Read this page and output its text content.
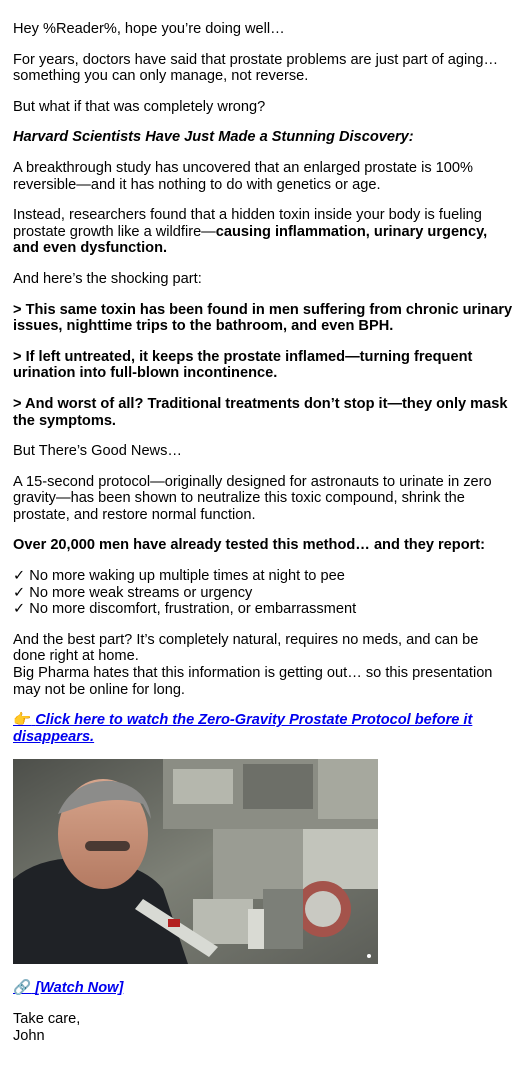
Hey %Reader%, hope you’re doing well…

For years, doctors have said that prostate problems are just part of aging… something you can only manage, not reverse.

But what if that was completely wrong?

Harvard Scientists Have Just Made a Stunning Discovery:

A breakthrough study has uncovered that an enlarged prostate is 100% reversible—and it has nothing to do with genetics or age.

Instead, researchers found that a hidden toxin inside your body is fueling prostate growth like a wildfire—causing inflammation, urinary urgency, and even dysfunction.

And here’s the shocking part:

> This same toxin has been found in men suffering from chronic urinary issues, nighttime trips to the bathroom, and even BPH.

> If left untreated, it keeps the prostate inflamed—turning frequent urination into full-blown incontinence.

> And worst of all? Traditional treatments don’t stop it—they only mask the symptoms.

But There’s Good News…

A 15-second protocol—originally designed for astronauts to urinate in zero gravity—has been shown to neutralize this toxic compound, shrink the prostate, and restore normal function.

Over 20,000 men have already tested this method… and they report:

✓ No more waking up multiple times at night to pee
✓ No more weak streams or urgency
✓ No more discomfort, frustration, or embarrassment

And the best part? It’s completely natural, requires no meds, and can be done right at home.
Big Pharma hates that this information is getting out… so this presentation may not be online for long.

👉 Click here to watch the Zero-Gravity Prostate Protocol before it disappears.

🔗 [Watch Now]

Take care,
John
